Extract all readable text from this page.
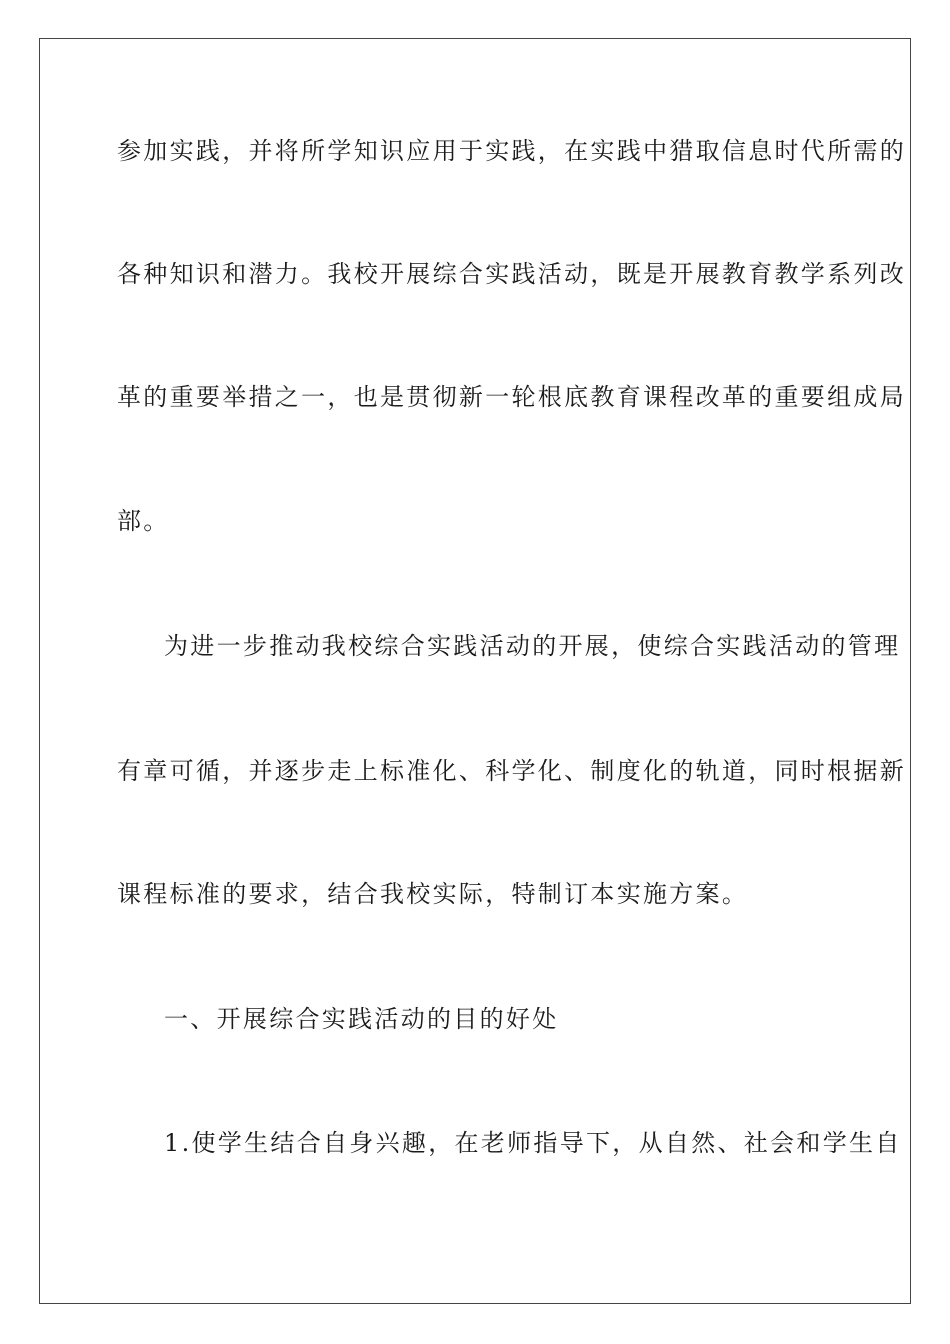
参加实践，并将所学知识应用于实践，在实践中猎取信息时代所需的
各种知识和潜力。我校开展综合实践活动，既是开展教育教学系列改
革的重要举措之一，也是贯彻新一轮根底教育课程改革的重要组成局
部。
为进一步推动我校综合实践活动的开展，使综合实践活动的管理
有章可循，并逐步走上标准化、科学化、制度化的轨道，同时根据新
课程标准的要求，结合我校实际，特制订本实施方案。
一、开展综合实践活动的目的好处
1.使学生结合自身兴趣，在老师指导下，从自然、社会和学生自
